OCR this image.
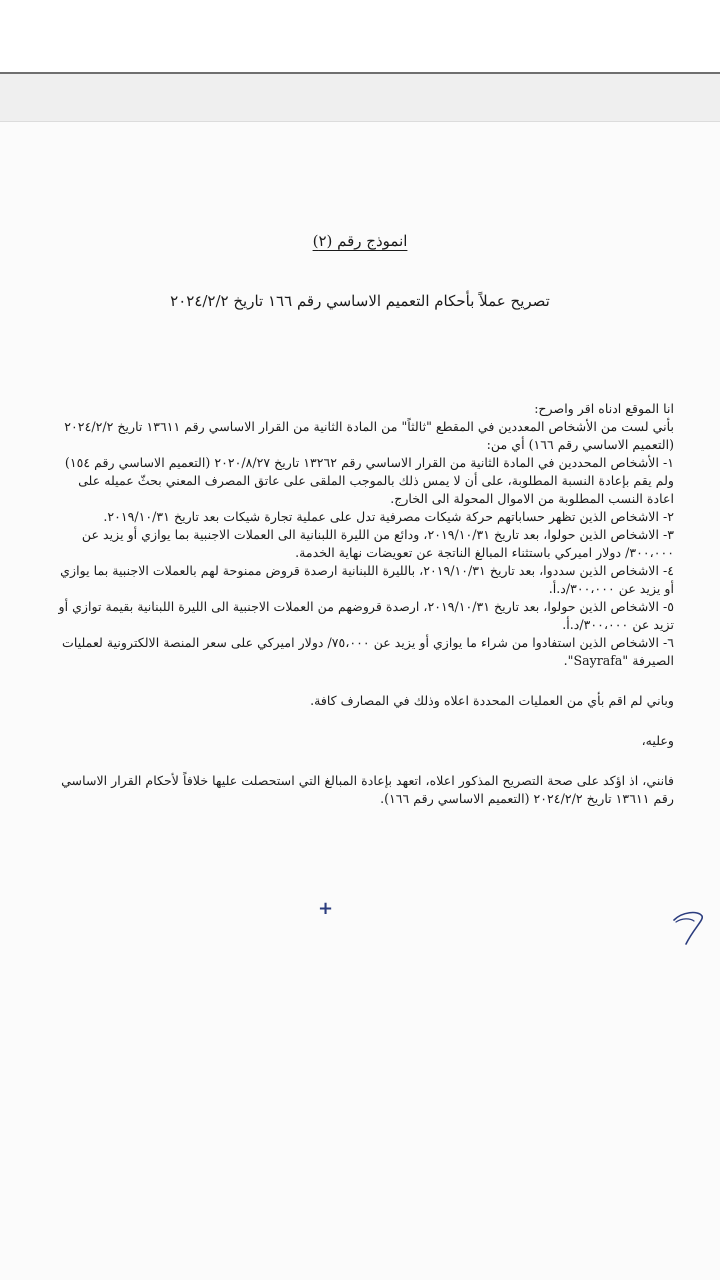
انموذج رقم (٢)
تصريح عملاً بأحكام التعميم الاساسي رقم ١٦٦ تاريخ ٢٠٢٤/٢/٢

انا الموقع ادناه اقر واصرح:

بأني لست من الأشخاص المعددين في المقطع "ثالثاً" من المادة الثانية من القرار الاساسي رقم ١٣٦١١ تاريخ ٢٠٢٤/٢/٢ (التعميم الاساسي رقم ١٦٦) أي من:

١- الأشخاص المحددين في المادة الثانية من القرار الاساسي رقم ١٣٢٦٢ تاريخ ٢٠٢٠/٨/٢٧ (التعميم الاساسي رقم ١٥٤) ولم يقم بإعادة النسبة المطلوبة، على أن لا يمس ذلك بالموجب الملقى على عاتق المصرف المعني بحثّ عميله على اعادة النسب المطلوبة من الاموال المحولة الى الخارج.

٢- الاشخاص الذين تظهر حساباتهم حركة شيكات مصرفية تدل على عملية تجارة شيكات بعد تاريخ ٢٠١٩/١٠/٣١.

٣- الاشخاص الذين حولوا، بعد تاريخ ٢٠١٩/١٠/٣١، ودائع من الليرة اللبنانية الى العملات الاجنبية بما يوازي أو يزيد عن ٣٠٠،٠٠٠/ دولار اميركي باستثناء المبالغ الناتجة عن تعويضات نهاية الخدمة.

٤- الاشخاص الذين سددوا، بعد تاريخ ٢٠١٩/١٠/٣١، بالليرة اللبنانية ارصدة قروض ممنوحة لهم بالعملات الاجنبية بما يوازي أو يزيد عن ٣٠٠،٠٠٠/د.أ.

٥- الاشخاص الذين حولوا، بعد تاريخ ٢٠١٩/١٠/٣١، ارصدة قروضهم من العملات الاجنبية الى الليرة اللبنانية بقيمة توازي أو تزيد عن ٣٠٠،٠٠٠/د.أ.

٦- الاشخاص الذين استفادوا من شراء ما يوازي أو يزيد عن ٧٥،٠٠٠/ دولار اميركي على سعر المنصة الالكترونية لعمليات الصيرفة "Sayrafa".

وباني لم اقم بأي من العمليات المحددة اعلاه وذلك في المصارف كافة.

وعليه،

فانني، اذ اؤكد على صحة التصريح المذكور اعلاه، اتعهد بإعادة المبالغ التي استحصلت عليها خلافاً لأحكام القرار الاساسي رقم ١٣٦١١ تاريخ ٢٠٢٤/٢/٢ (التعميم الاساسي رقم ١٦٦).

+
